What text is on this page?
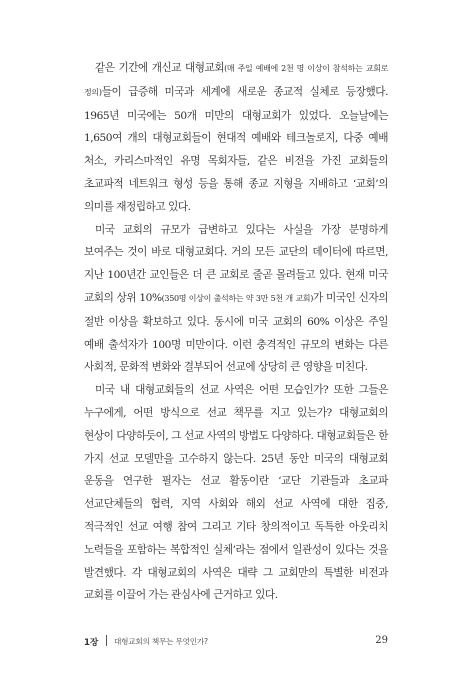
같은 기간에 개신교 대형교회(매 주일 예배에 2천 명 이상이 참석하는 교회로 정의)들이 급증해 미국과 세계에 새로운 종교적 실체로 등장했다. 1965년 미국에는 50개 미만의 대형교회가 있었다. 오늘날에는 1,650여 개의 대형교회들이 현대적 예배와 테크놀로지, 다중 예배 처소, 카리스마적인 유명 목회자들, 같은 비전을 가진 교회들의 초교파적 네트워크 형성 등을 통해 종교 지형을 지배하고 ‘교회’의 의미를 재정립하고 있다.

미국 교회의 규모가 급변하고 있다는 사실을 가장 분명하게 보여주는 것이 바로 대형교회다. 거의 모든 교단의 데이터에 따르면, 지난 100년간 교인들은 더 큰 교회로 줄곧 몰려들고 있다. 현재 미국 교회의 상위 10%(350명 이상이 출석하는 약 3만 5천 개 교회)가 미국인 신자의 절반 이상을 확보하고 있다. 동시에 미국 교회의 60% 이상은 주일 예배 출석자가 100명 미만이다. 이런 충격적인 규모의 변화는 다른 사회적, 문화적 변화와 결부되어 선교에 상당히 큰 영향을 미친다.

미국 내 대형교회들의 선교 사역은 어떤 모습인가? 또한 그들은 누구에게, 어떤 방식으로 선교 책무를 지고 있는가? 대형교회의 현상이 다양하듯이, 그 선교 사역의 방법도 다양하다. 대형교회들은 한 가지 선교 모델만을 고수하지 않는다. 25년 동안 미국의 대형교회 운동을 연구한 필자는 선교 활동이란 ‘교단 기관들과 초교파 선교단체들의 협력, 지역 사회와 해외 선교 사역에 대한 집중, 적극적인 선교 여행 참여 그리고 기타 창의적이고 독특한 아웃리치 노력들을 포함하는 복합적인 실체’라는 점에서 일관성이 있다는 것을 발견했다. 각 대형교회의 사역은 대략 그 교회만의 특별한 비전과 교회를 이끌어 가는 관심사에 근거하고 있다.

1장 대형교회의 책무는 무엇인가?	29
